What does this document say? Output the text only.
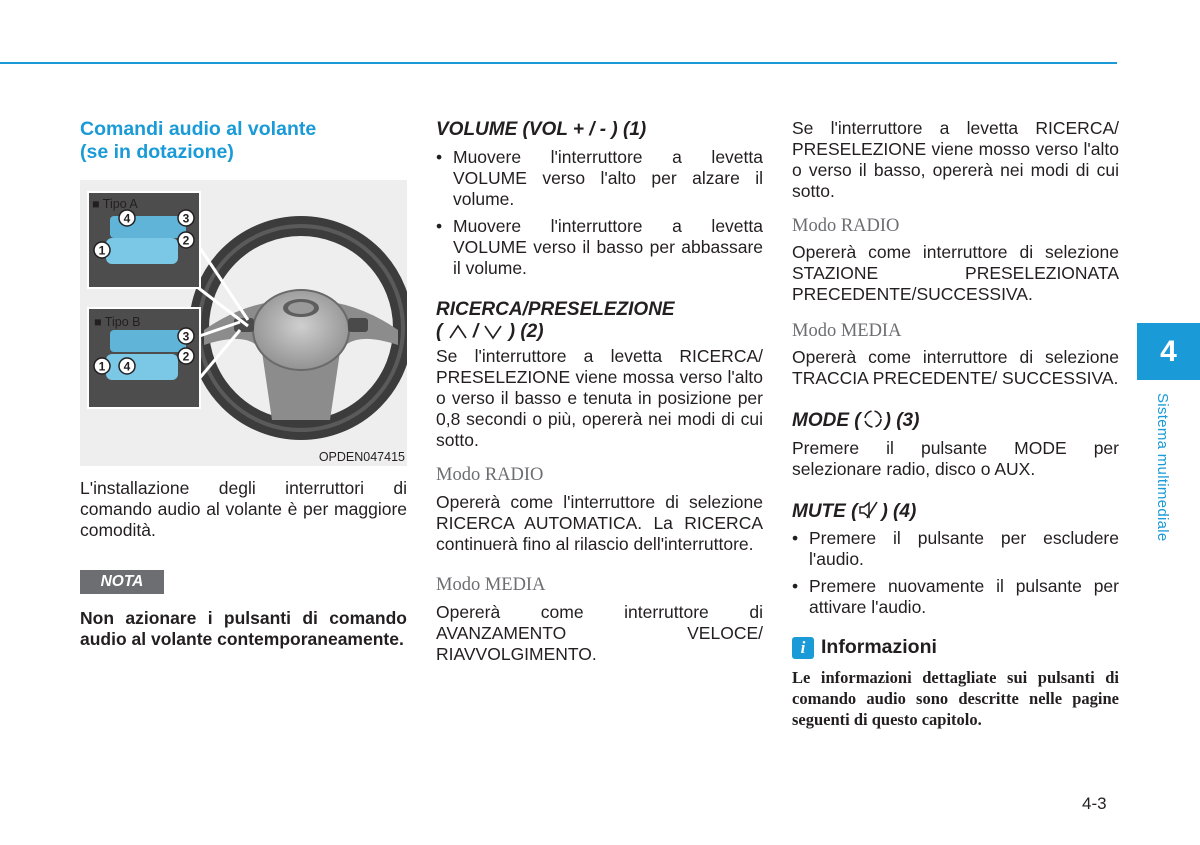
Comandi audio al volante
(se in dotazione)
■ Tipo A
■ Tipo B
1
2
3
4
1
2
3
4
OPDEN047415

L'installazione degli interruttori di comando audio al volante è per maggiore comodità.

NOTA

Non azionare i pulsanti di comando audio al volante contemporaneamente.

VOLUME (VOL + / - ) (1)
• Muovere l'interruttore a levetta VOLUME verso l'alto per alzare il volume.
• Muovere l'interruttore a levetta VOLUME verso il basso per abbassare il volume.
RICERCA/PRESELEZIONE
(  /  ) (2)

Se l'interruttore a levetta RICERCA/ PRESELEZIONE viene mossa verso l'alto o verso il basso e tenuta in posizione per 0,8 secondi o più, opererà nei modi di cui sotto.

Modo RADIO

Opererà come l'interruttore di selezione RICERCA AUTOMATICA. La RICERCA continuerà fino al rilascio dell'interruttore.

Modo MEDIA

Opererà come interruttore di AVANZAMENTO VELOCE/ RIAVVOLGIMENTO.

Se l'interruttore a levetta RICERCA/ PRESELEZIONE viene mosso verso l'alto o verso il basso, opererà nei modi di cui sotto.

Modo RADIO

Opererà come interruttore di selezione STAZIONE PRESELEZIONATA PRECEDENTE/SUCCESSIVA.

Modo MEDIA

Opererà come interruttore di selezione TRACCIA PRECEDENTE/ SUCCESSIVA.

MODE ( ) (3)

Premere il pulsante MODE per selezionare radio, disco o AUX.

MUTE ( ) (4)
• Premere il pulsante per escludere l'audio.
• Premere nuovamente il pulsante per attivare l'audio.
i Informazioni

Le informazioni dettagliate sui pulsanti di comando audio sono descritte nelle pagine seguenti di questo capitolo.

4
Sistema multimediale
4-3
